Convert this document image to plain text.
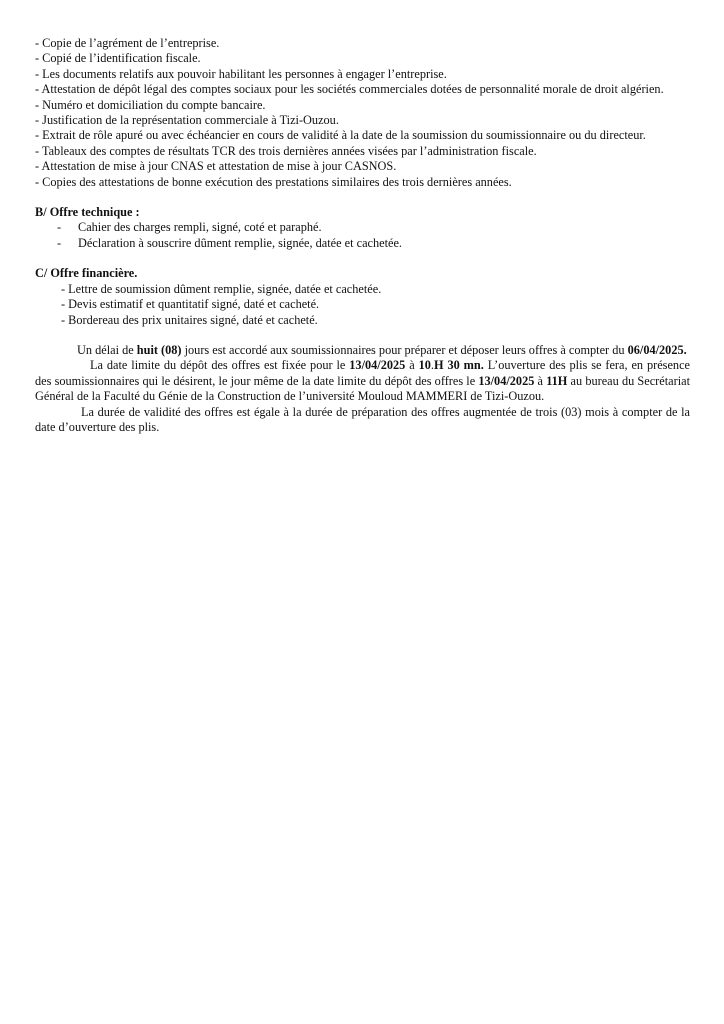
- Copie de l’agrément de l’entreprise.
- Copié de l’identification fiscale.
- Les documents relatifs aux pouvoir habilitant les personnes à engager l’entreprise.
- Attestation de dépôt légal des comptes sociaux pour les sociétés commerciales dotées de personnalité morale de droit algérien.
- Numéro et domiciliation du compte bancaire.
- Justification de la représentation commerciale à Tizi-Ouzou.
- Extrait de rôle apuré ou avec échéancier en cours de validité à la date de la soumission du soumissionnaire ou du directeur.
- Tableaux des comptes de résultats TCR des trois dernières années visées par l’administration fiscale.
- Attestation de mise à jour CNAS et attestation de mise à jour CASNOS.
- Copies des attestations de bonne exécution des prestations similaires des trois dernières années.
B/ Offre technique :
- Cahier des charges rempli, signé, coté et paraphé.
- Déclaration à souscrire dûment remplie, signée, datée et cachetée.
C/ Offre financière.
- Lettre de soumission dûment remplie, signée, datée et cachetée.
- Devis estimatif et quantitatif signé, daté et cacheté.
- Bordereau des prix unitaires signé, daté et cacheté.

Un délai de huit (08) jours est accordé aux soumissionnaires pour préparer et déposer leurs offres à compter du 06/04/2025.

La date limite du dépôt des offres est fixée pour le 13/04/2025 à 10.H 30 mn. L’ouverture des plis se fera, en présence des soumissionnaires qui le désirent, le jour même de la date limite du dépôt des offres le 13/04/2025 à 11H au bureau du Secrétariat Général de la Faculté du Génie de la Construction de l’université Mouloud MAMMERI de Tizi-Ouzou.

La durée de validité des offres est égale à la durée de préparation des offres augmentée de trois (03) mois à compter de la date d’ouverture des plis.
